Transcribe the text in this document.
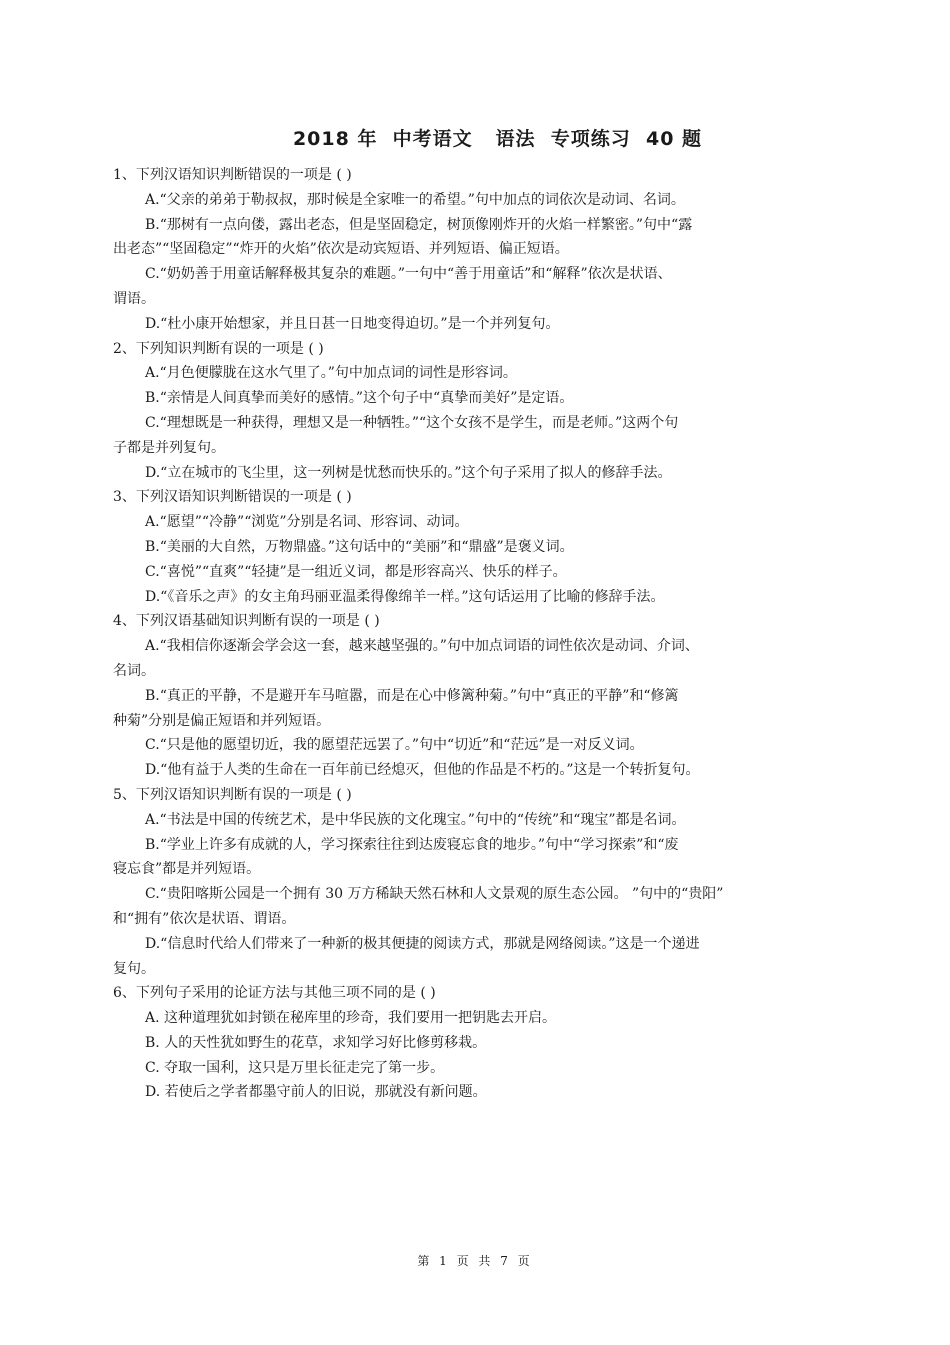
2018 年  中考语文   语法  专项练习  40 题
1、下列汉语知识判断错误的一项是 ( )
A.“父亲的弟弟于勒叔叔，那时候是全家唯一的希望。”句中加点的词依次是动词、名词。
B.“那树有一点向偻，露出老态，但是坚固稳定，树顶像刚炸开的火焰一样繁密。”句中“露
出老态”“坚固稳定”“炸开的火焰”依次是动宾短语、并列短语、偏正短语。
C.“奶奶善于用童话解释极其复杂的难题。”一句中“善于用童话”和“解释”依次是状语、
谓语。
D.“杜小康开始想家，并且日甚一日地变得迫切。”是一个并列复句。
2、下列知识判断有误的一项是 ( )
A.“月色便朦胧在这水气里了。”句中加点词的词性是形容词。
B.“亲情是人间真挚而美好的感情。”这个句子中“真挚而美好”是定语。
C.“理想既是一种获得，理想又是一种牺牲。”“这个女孩不是学生，而是老师。”这两个句
子都是并列复句。
D.“立在城市的飞尘里，这一列树是忧愁而快乐的。”这个句子采用了拟人的修辞手法。
3、下列汉语知识判断错误的一项是 ( )
A.“愿望”“冷静”“浏览”分别是名词、形容词、动词。
B.“美丽的大自然，万物鼎盛。”这句话中的“美丽”和“鼎盛”是褒义词。
C.“喜悦”“直爽”“轻捷”是一组近义词，都是形容高兴、快乐的样子。
D.“《音乐之声》的女主角玛丽亚温柔得像绵羊一样。”这句话运用了比喻的修辞手法。
4、下列汉语基础知识判断有误的一项是 ( )
A.“我相信你逐渐会学会这一套，越来越坚强的。”句中加点词语的词性依次是动词、介词、
名词。
B.“真正的平静，不是避开车马喧嚣，而是在心中修篱种菊。”句中“真正的平静”和“修篱
种菊”分别是偏正短语和并列短语。
C.“只是他的愿望切近，我的愿望茫远罢了。”句中“切近”和“茫远”是一对反义词。
D.“他有益于人类的生命在一百年前已经熄灭，但他的作品是不朽的。”这是一个转折复句。
5、下列汉语知识判断有误的一项是 ( )
A.“书法是中国的传统艺术，是中华民族的文化瑰宝。”句中的“传统”和“瑰宝”都是名词。
B.“学业上许多有成就的人，学习探索往往到达废寝忘食的地步。”句中“学习探索”和“废
寝忘食”都是并列短语。
C.“贵阳喀斯公园是一个拥有 30 万方稀缺天然石林和人文景观的原生态公园。 ”句中的“贵阳”
和“拥有”依次是状语、谓语。
D.“信息时代给人们带来了一种新的极其便捷的阅读方式，那就是网络阅读。”这是一个递进
复句。
6、下列句子采用的论证方法与其他三项不同的是 ( )
A. 这种道理犹如封锁在秘库里的珍奇，我们要用一把钥匙去开启。
B. 人的天性犹如野生的花草，求知学习好比修剪移栽。
C. 夺取一国利，这只是万里长征走完了第一步。
D. 若使后之学者都墨守前人的旧说，那就没有新问题。
第 1 页 共 7 页
